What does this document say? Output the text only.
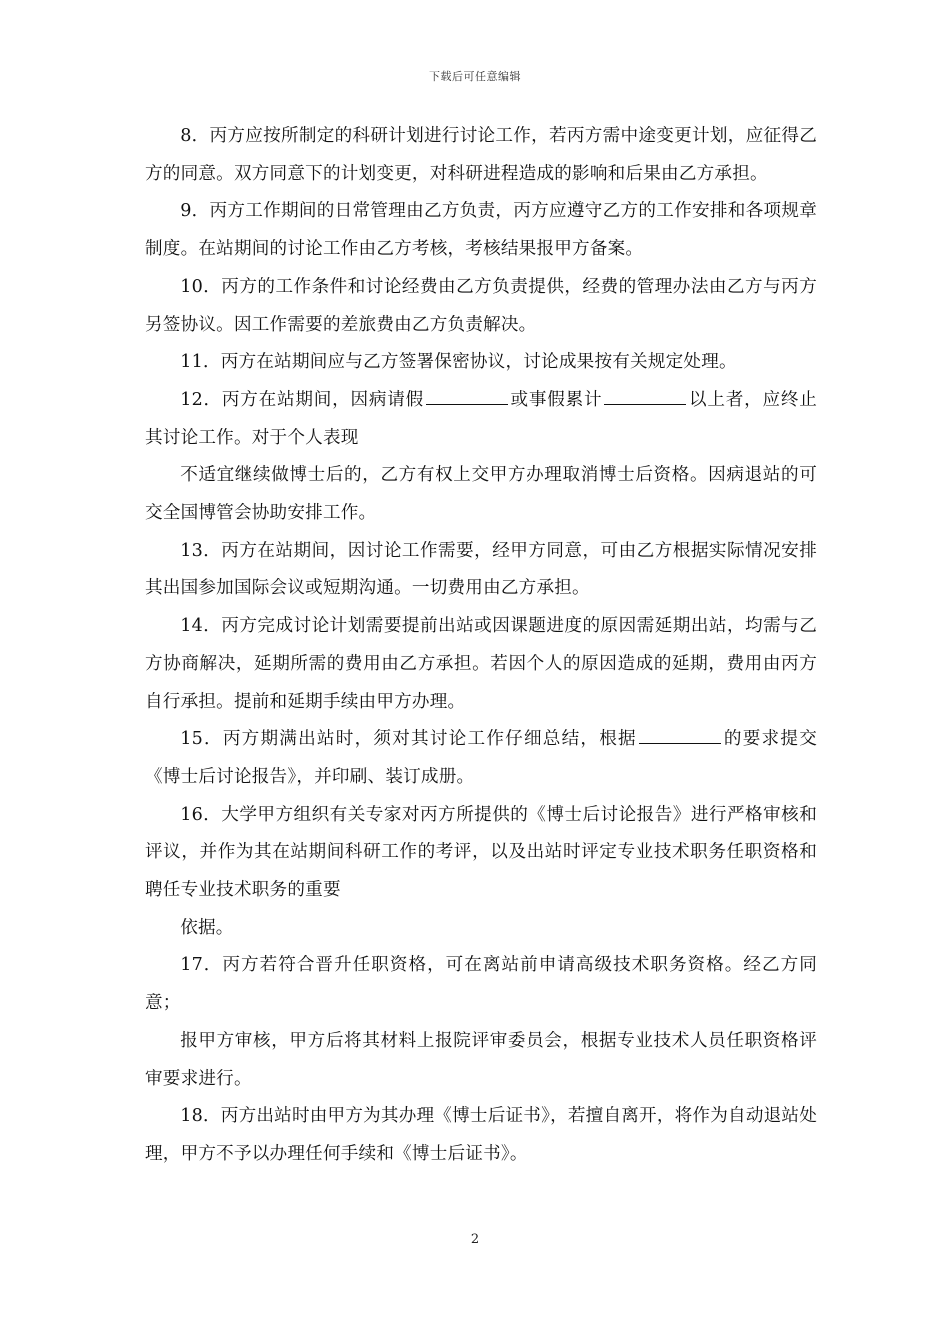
下载后可任意编辑

8．丙方应按所制定的科研计划进行讨论工作，若丙方需中途变更计划，应征得乙方的同意。双方同意下的计划变更，对科研进程造成的影响和后果由乙方承担。

9．丙方工作期间的日常管理由乙方负责，丙方应遵守乙方的工作安排和各项规章制度。在站期间的讨论工作由乙方考核，考核结果报甲方备案。

10．丙方的工作条件和讨论经费由乙方负责提供，经费的管理办法由乙方与丙方另签协议。因工作需要的差旅费由乙方负责解决。

11．丙方在站期间应与乙方签署保密协议，讨论成果按有关规定处理。

12．丙方在站期间，因病请假	或事假累计	以上者，应终止其讨论工作。对于个人表现

不适宜继续做博士后的，乙方有权上交甲方办理取消博士后资格。因病退站的可交全国博管会协助安排工作。

13．丙方在站期间，因讨论工作需要，经甲方同意，可由乙方根据实际情况安排其出国参加国际会议或短期沟通。一切费用由乙方承担。

14．丙方完成讨论计划需要提前出站或因课题进度的原因需延期出站，均需与乙方协商解决，延期所需的费用由乙方承担。若因个人的原因造成的延期，费用由丙方自行承担。提前和延期手续由甲方办理。

15．丙方期满出站时，须对其讨论工作仔细总结，根据	的要求提交《博士后讨论报告》，并印刷、装订成册。

16．大学甲方组织有关专家对丙方所提供的《博士后讨论报告》进行严格审核和评议，并作为其在站期间科研工作的考评，以及出站时评定专业技术职务任职资格和聘任专业技术职务的重要

依据。

17．丙方若符合晋升任职资格，可在离站前申请高级技术职务资格。经乙方同意；

报甲方审核，甲方后将其材料上报院评审委员会，根据专业技术人员任职资格评审要求进行。

18．丙方出站时由甲方为其办理《博士后证书》，若擅自离开，将作为自动退站处理，甲方不予以办理任何手续和《博士后证书》。

2
